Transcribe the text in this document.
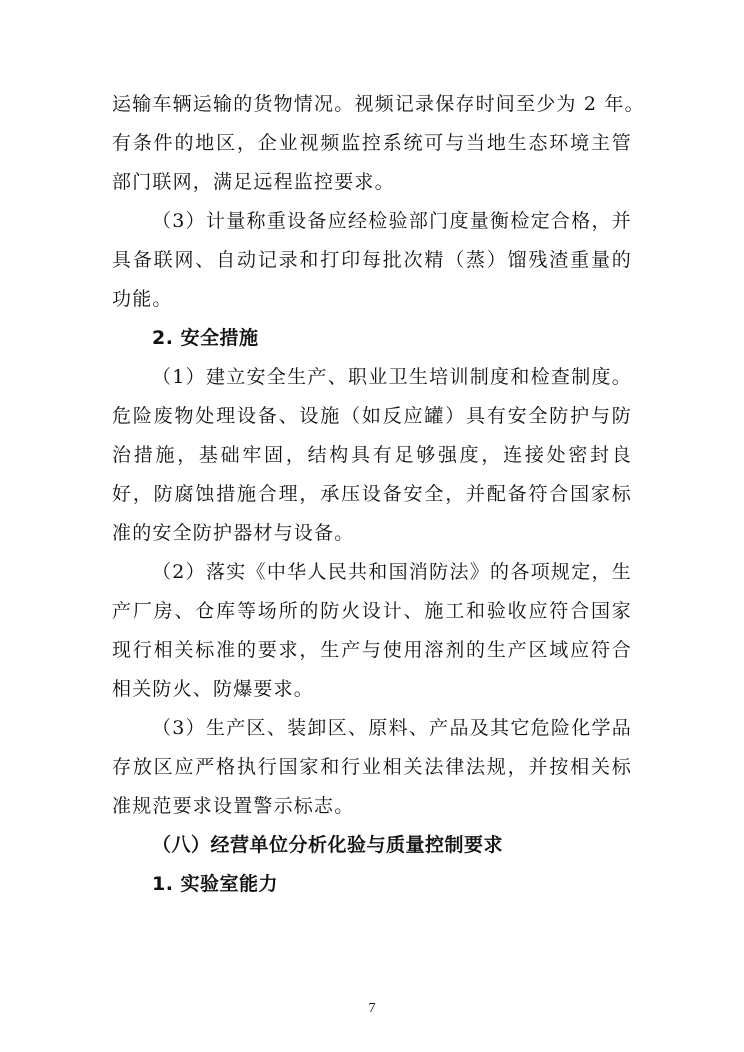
运输车辆运输的货物情况。视频记录保存时间至少为 2 年。
有条件的地区，企业视频监控系统可与当地生态环境主管
部门联网，满足远程监控要求。
（3）计量称重设备应经检验部门度量衡检定合格，并
具备联网、自动记录和打印每批次精（蒸）馏残渣重量的
功能。
2. 安全措施
（1）建立安全生产、职业卫生培训制度和检查制度。
危险废物处理设备、设施（如反应罐）具有安全防护与防
治措施，基础牢固，结构具有足够强度，连接处密封良
好，防腐蚀措施合理，承压设备安全，并配备符合国家标
准的安全防护器材与设备。
（2）落实《中华人民共和国消防法》的各项规定，生
产厂房、仓库等场所的防火设计、施工和验收应符合国家
现行相关标准的要求，生产与使用溶剂的生产区域应符合
相关防火、防爆要求。
（3）生产区、装卸区、原料、产品及其它危险化学品
存放区应严格执行国家和行业相关法律法规，并按相关标
准规范要求设置警示标志。
（八）经营单位分析化验与质量控制要求
1. 实验室能力
7
